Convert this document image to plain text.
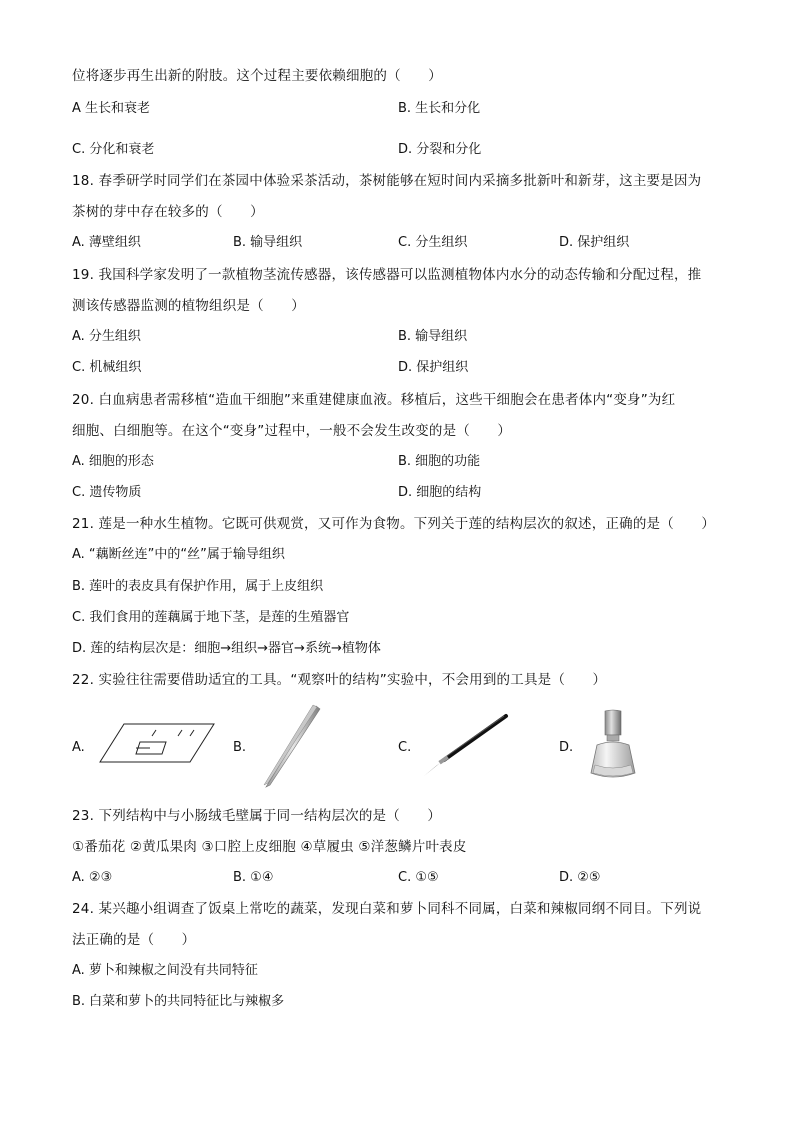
位将逐步再生出新的附肢。这个过程主要依赖细胞的（　　）
A 生长和衰老	B. 生长和分化
C. 分化和衰老	D. 分裂和分化
18. 春季研学时同学们在茶园中体验采茶活动，茶树能够在短时间内采摘多批新叶和新芽，这主要是因为
茶树的芽中存在较多的（　　）
A. 薄壁组织	B. 输导组织	C. 分生组织	D. 保护组织
19. 我国科学家发明了一款植物茎流传感器，该传感器可以监测植物体内水分的动态传输和分配过程，推
测该传感器监测的植物组织是（　　）
A. 分生组织	B. 输导组织
C. 机械组织	D. 保护组织
20. 白血病患者需移植“造血干细胞”来重建健康血液。移植后，这些干细胞会在患者体内“变身”为红
细胞、白细胞等。在这个“变身”过程中，一般不会发生改变的是（　　）
A. 细胞的形态	B. 细胞的功能
C. 遗传物质	D. 细胞的结构
21. 莲是一种水生植物。它既可供观赏，又可作为食物。下列关于莲的结构层次的叙述，正确的是（　　）
A. “藕断丝连”中的“丝”属于输导组织
B. 莲叶的表皮具有保护作用，属于上皮组织
C. 我们食用的莲藕属于地下茎，是莲的生殖器官
D. 莲的结构层次是：细胞→组织→器官→系统→植物体
22. 实验往往需要借助适宜的工具。“观察叶的结构”实验中，不会用到的工具是（　　）
A.	B.	C.	D.
23. 下列结构中与小肠绒毛壁属于同一结构层次的是（　　）
①番茄花 ②黄瓜果肉 ③口腔上皮细胞 ④草履虫 ⑤洋葱鳞片叶表皮
A. ②③	B. ①④	C. ①⑤	D. ②⑤
24. 某兴趣小组调查了饭桌上常吃的蔬菜，发现白菜和萝卜同科不同属，白菜和辣椒同纲不同目。下列说
法正确的是（　　）
A. 萝卜和辣椒之间没有共同特征
B. 白菜和萝卜的共同特征比与辣椒多
